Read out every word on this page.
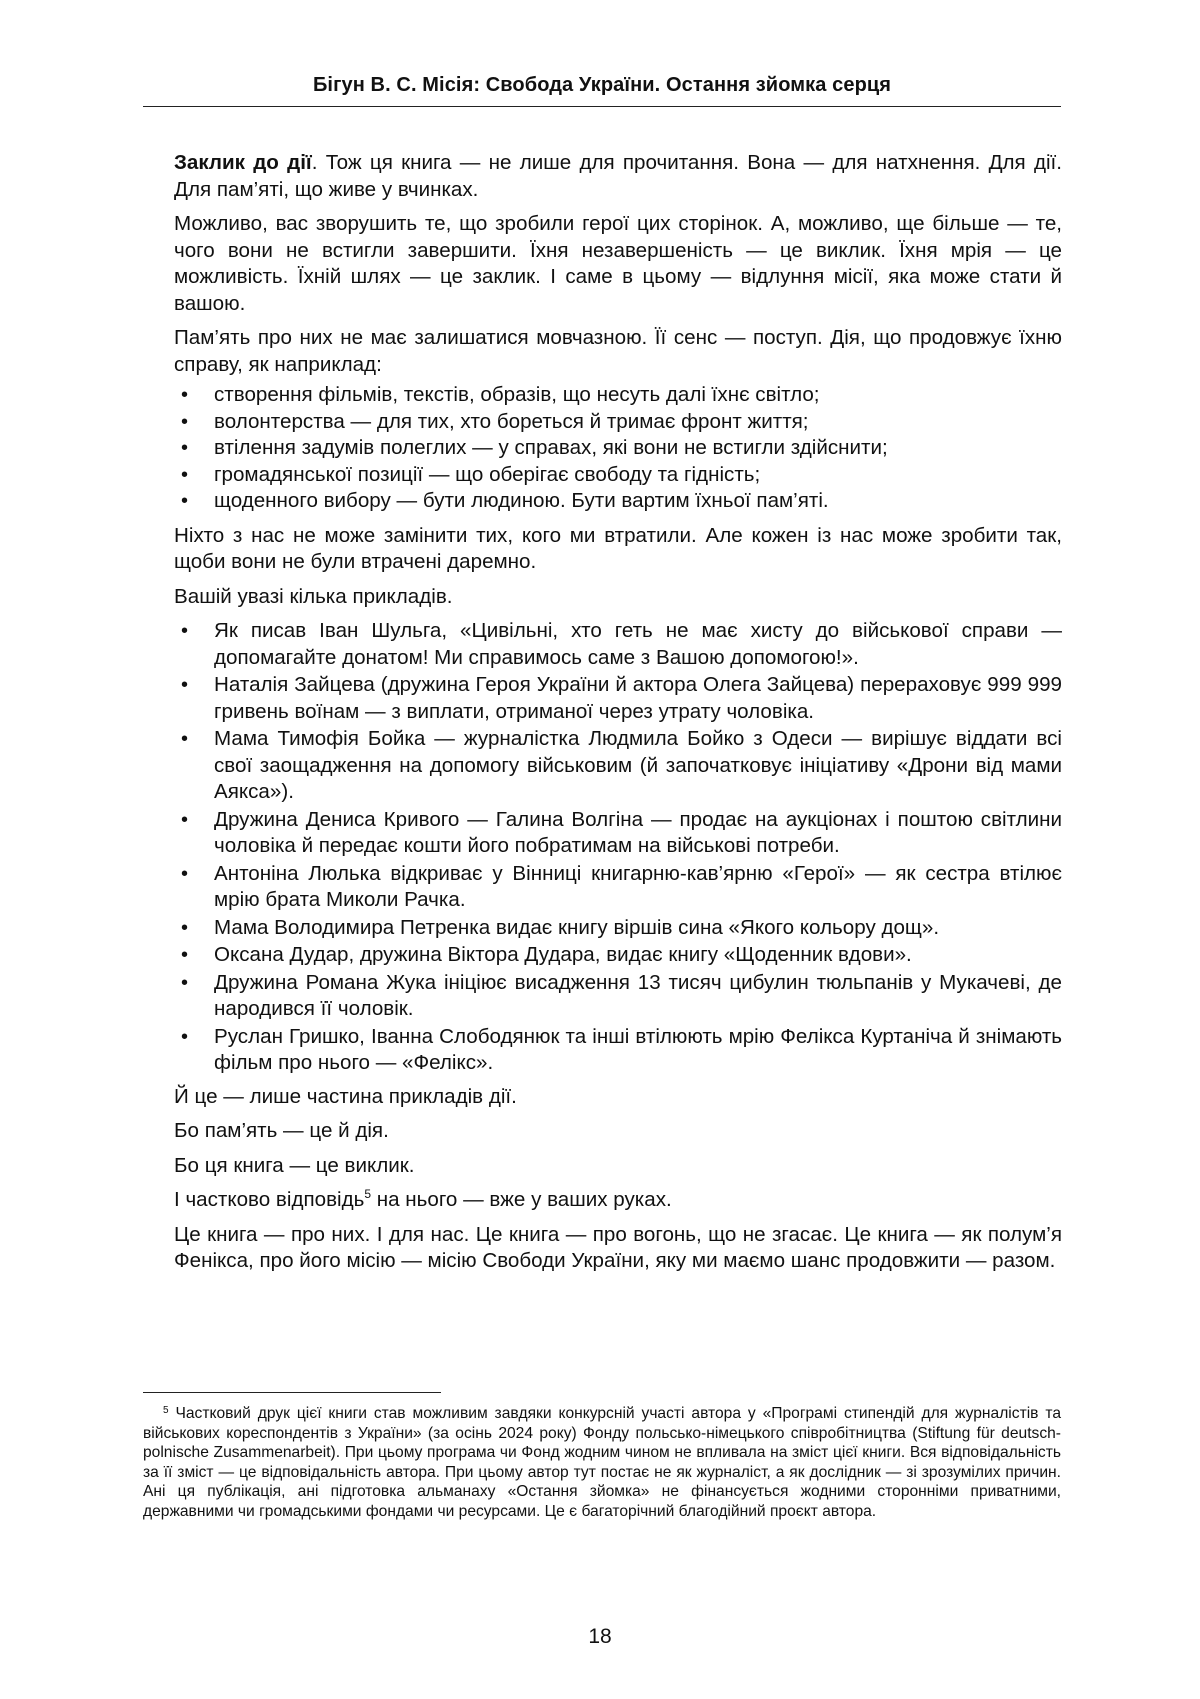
Бігун В. С. Місія: Свобода України. Остання зйомка серця

Заклик до дії. Тож ця книга — не лише для прочитання. Вона — для натхнення. Для дії. Для пам’яті, що живе у вчинках.

Можливо, вас зворушить те, що зробили герої цих сторінок. А, можливо, ще більше — те, чого вони не встигли завершити. Їхня незавершеність — це виклик. Їхня мрія — це можливість. Їхній шлях — це заклик. І саме в цьому — відлуння місії, яка може стати й вашою.

Пам’ять про них не має залишатися мовчазною. Її сенс — поступ. Дія, що продовжує їхню справу, як наприклад:

• створення фільмів, текстів, образів, що несуть далі їхнє світло;
• волонтерства — для тих, хто бореться й тримає фронт життя;
• втілення задумів полеглих — у справах, які вони не встигли здійснити;
• громадянської позиції — що оберігає свободу та гідність;
• щоденного вибору — бути людиною. Бути вартим їхньої пам’яті.

Ніхто з нас не може замінити тих, кого ми втратили. Але кожен із нас може зробити так, щоби вони не були втрачені даремно.

Вашій увазі кілька прикладів.

• Як писав Іван Шульга, «Цивільні, хто геть не має хисту до військової справи — допомагайте донатом! Ми справимось саме з Вашою допомогою!».
• Наталія Зайцева (дружина Героя України й актора Олега Зайцева) перераховує 999 999 гривень воїнам — з виплати, отриманої через утрату чоловіка.
• Мама Тимофія Бойка — журналістка Людмила Бойко з Одеси — вирішує віддати всі свої заощадження на допомогу військовим (й започатковує ініціативу «Дрони від мами Аякса»).
• Дружина Дениса Кривого — Галина Волгіна — продає на аукціонах і поштою світлини чоловіка й передає кошти його побратимам на військові потреби.
• Антоніна Люлька відкриває у Вінниці книгарню-кав’ярню «Герої» — як сестра втілює мрію брата Миколи Рачка.
• Мама Володимира Петренка видає книгу віршів сина «Якого кольору дощ».
• Оксана Дудар, дружина Віктора Дудара, видає книгу «Щоденник вдови».
• Дружина Романа Жука ініціює висадження 13 тисяч цибулин тюльпанів у Мукачеві, де народився її чоловік.
• Руслан Гришко, Іванна Слободянюк та інші втілюють мрію Фелікса Куртаніча й знімають фільм про нього — «Фелікс».

Й це — лише частина прикладів дії.

Бо пам’ять — це й дія.

Бо ця книга — це виклик.

І частково відповідь$^5$ на нього — вже у ваших руках.

Це книга — про них. І для нас. Це книга — про вогонь, що не згасає. Це книга — як полум’я Фенікса, про його місію — місію Свободи України, яку ми маємо шанс продовжити — разом.

$^5$ Частковий друк цієї книги став можливим завдяки конкурсній участі автора у «Програмі стипендій для журналістів та військових кореспондентів з України» (за осінь 2024 року) Фонду польсько-німецького співробітництва (Stiftung für deutsch-polnische Zusammenarbeit). При цьому програма чи Фонд жодним чином не впливала на зміст цієї книги. Вся відповідальність за її зміст — це відповідальність автора. При цьому автор тут постає не як журналіст, а як дослідник — зі зрозумілих причин. Ані ця публікація, ані підготовка альманаху «Остання зйомка» не фінансується жодними сторонніми приватними, державними чи громадськими фондами чи ресурсами. Це є багаторічний благодійний проєкт автора.
18
